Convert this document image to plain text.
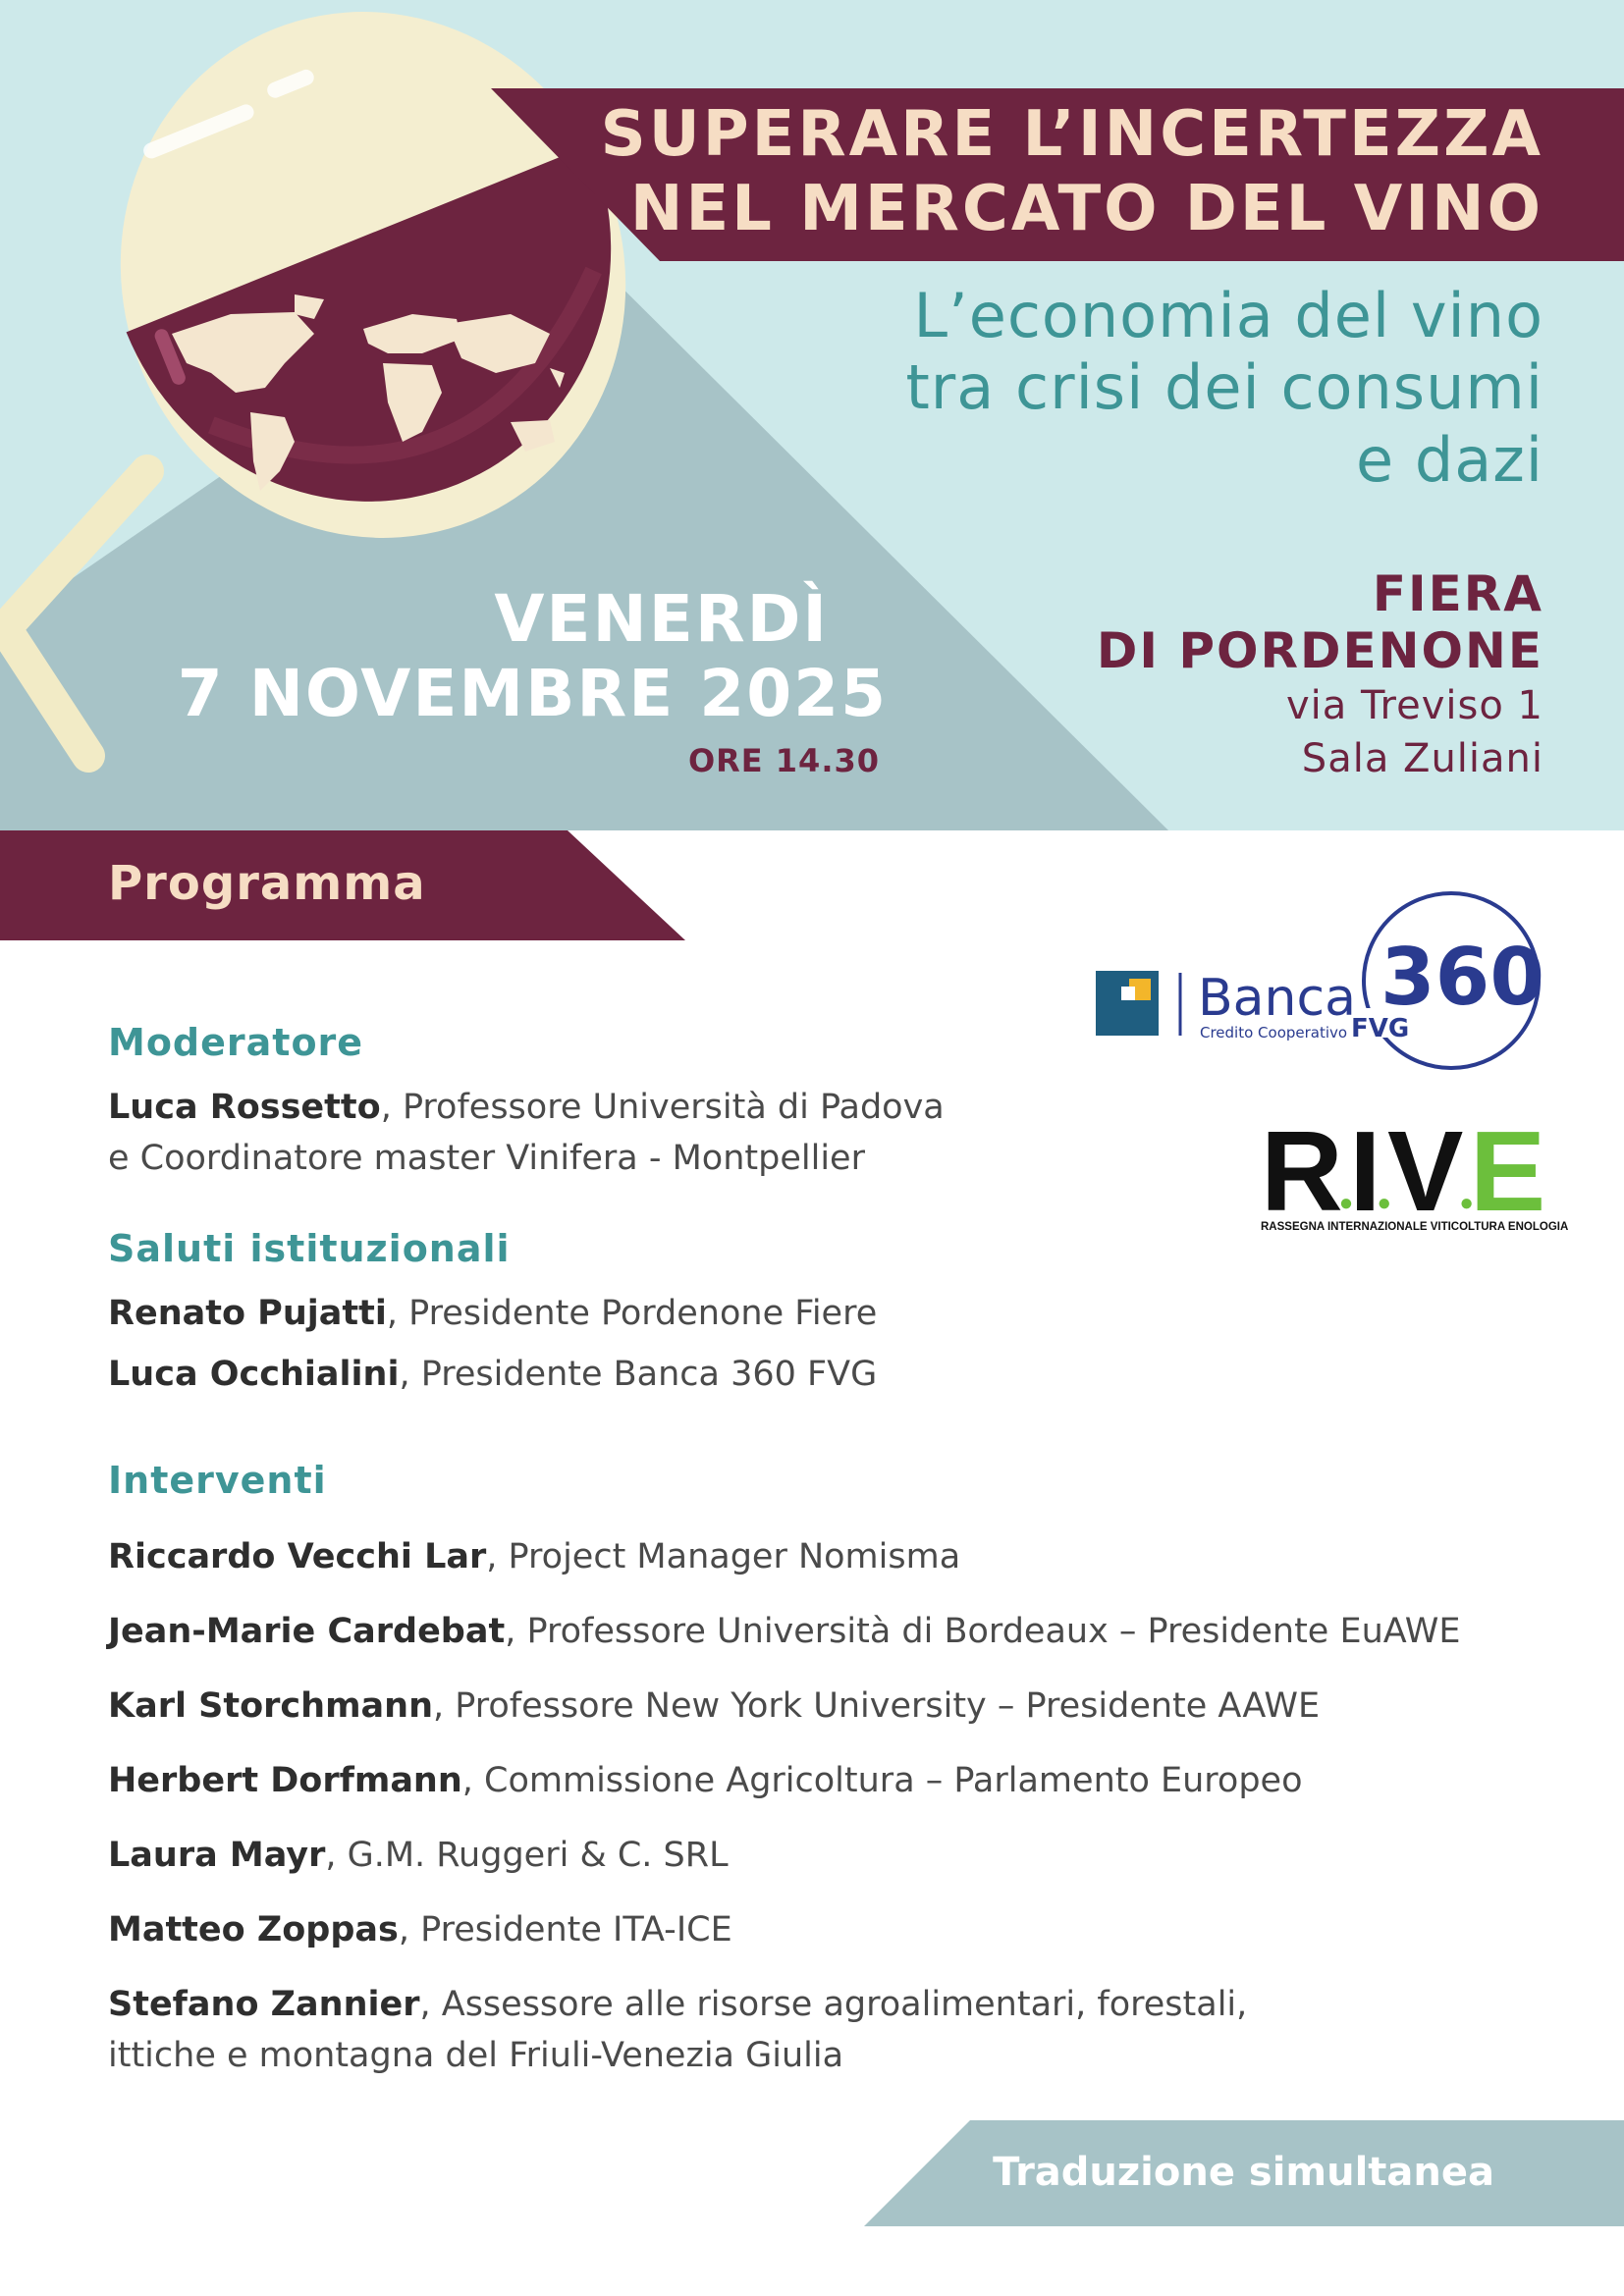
SUPERARE L’INCERTEZZA
NEL MERCATO DEL VINO
L’economia del vino
tra crisi dei consumi
e dazi
VENERDÌ
7 NOVEMBRE 2025
ORE 14.30
FIERA
DI PORDENONE
via Treviso 1
Sala Zuliani
Programma
Banca 360
Credito Cooperativo FVG
R●I●V●E
RASSEGNA INTERNAZIONALE VITICOLTURA ENOLOGIA
Moderatore
Luca Rossetto, Professore Università di Padova
e Coordinatore master Vinifera - Montpellier
Saluti istituzionali
Renato Pujatti, Presidente Pordenone Fiere
Luca Occhialini, Presidente Banca 360 FVG
Interventi
Riccardo Vecchi Lar, Project Manager Nomisma
Jean-Marie Cardebat, Professore Università di Bordeaux – Presidente EuAWE
Karl Storchmann, Professore New York University – Presidente AAWE
Herbert Dorfmann, Commissione Agricoltura – Parlamento Europeo
Laura Mayr, G.M. Ruggeri & C. SRL
Matteo Zoppas, Presidente ITA-ICE
Stefano Zannier, Assessore alle risorse agroalimentari, forestali,
ittiche e montagna del Friuli-Venezia Giulia
Traduzione simultanea
